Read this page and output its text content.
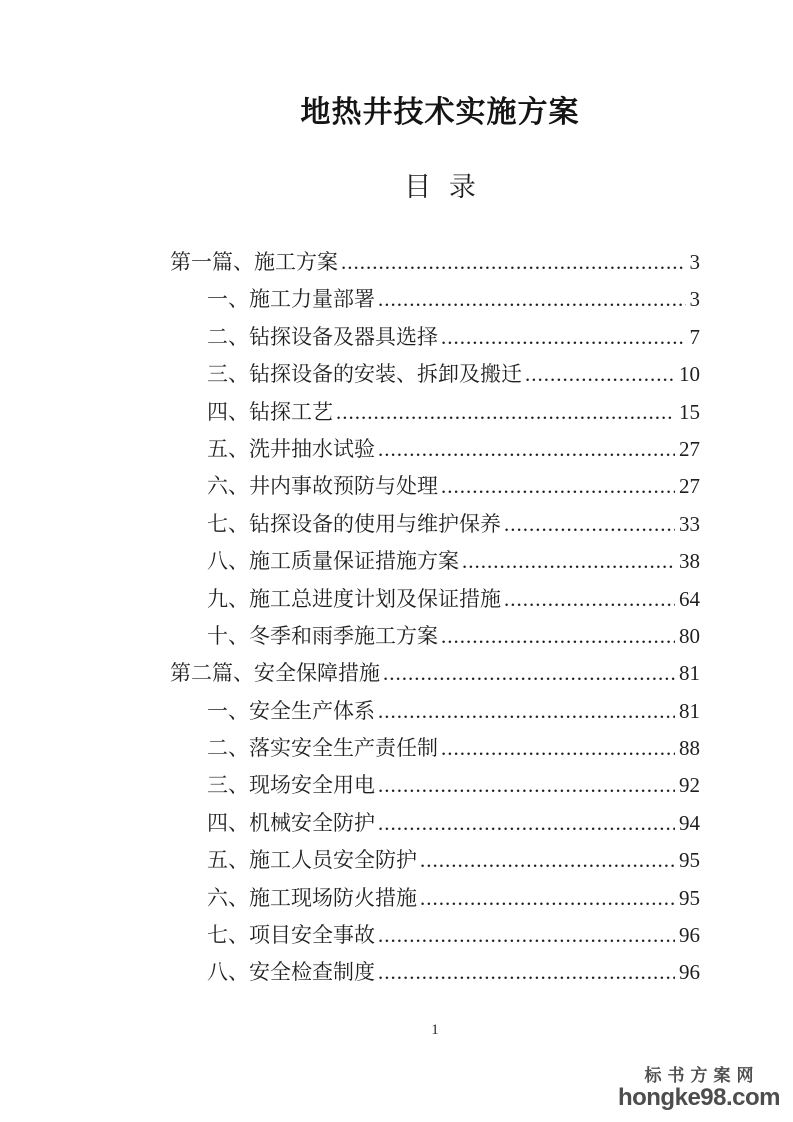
地热井技术实施方案
目 录
第一篇、施工方案 .....	3
一、施工力量部署 .....	3
二、钻探设备及器具选择 .....	7
三、钻探设备的安装、拆卸及搬迁 .....	10
四、钻探工艺 .....	15
五、洗井抽水试验 .....	27
六、井内事故预防与处理 .....	27
七、钻探设备的使用与维护保养 .....	33
八、施工质量保证措施方案 .....	38
九、施工总进度计划及保证措施 .....	64
十、冬季和雨季施工方案 .....	80
第二篇、安全保障措施 .....	81
一、安全生产体系 .....	81
二、落实安全生产责任制 .....	88
三、现场安全用电 .....	92
四、机械安全防护 .....	94
五、施工人员安全防护 .....	95
六、施工现场防火措施 .....	95
七、项目安全事故 .....	96
八、安全检查制度 .....	96
1
标书方案网
hongke98.com
